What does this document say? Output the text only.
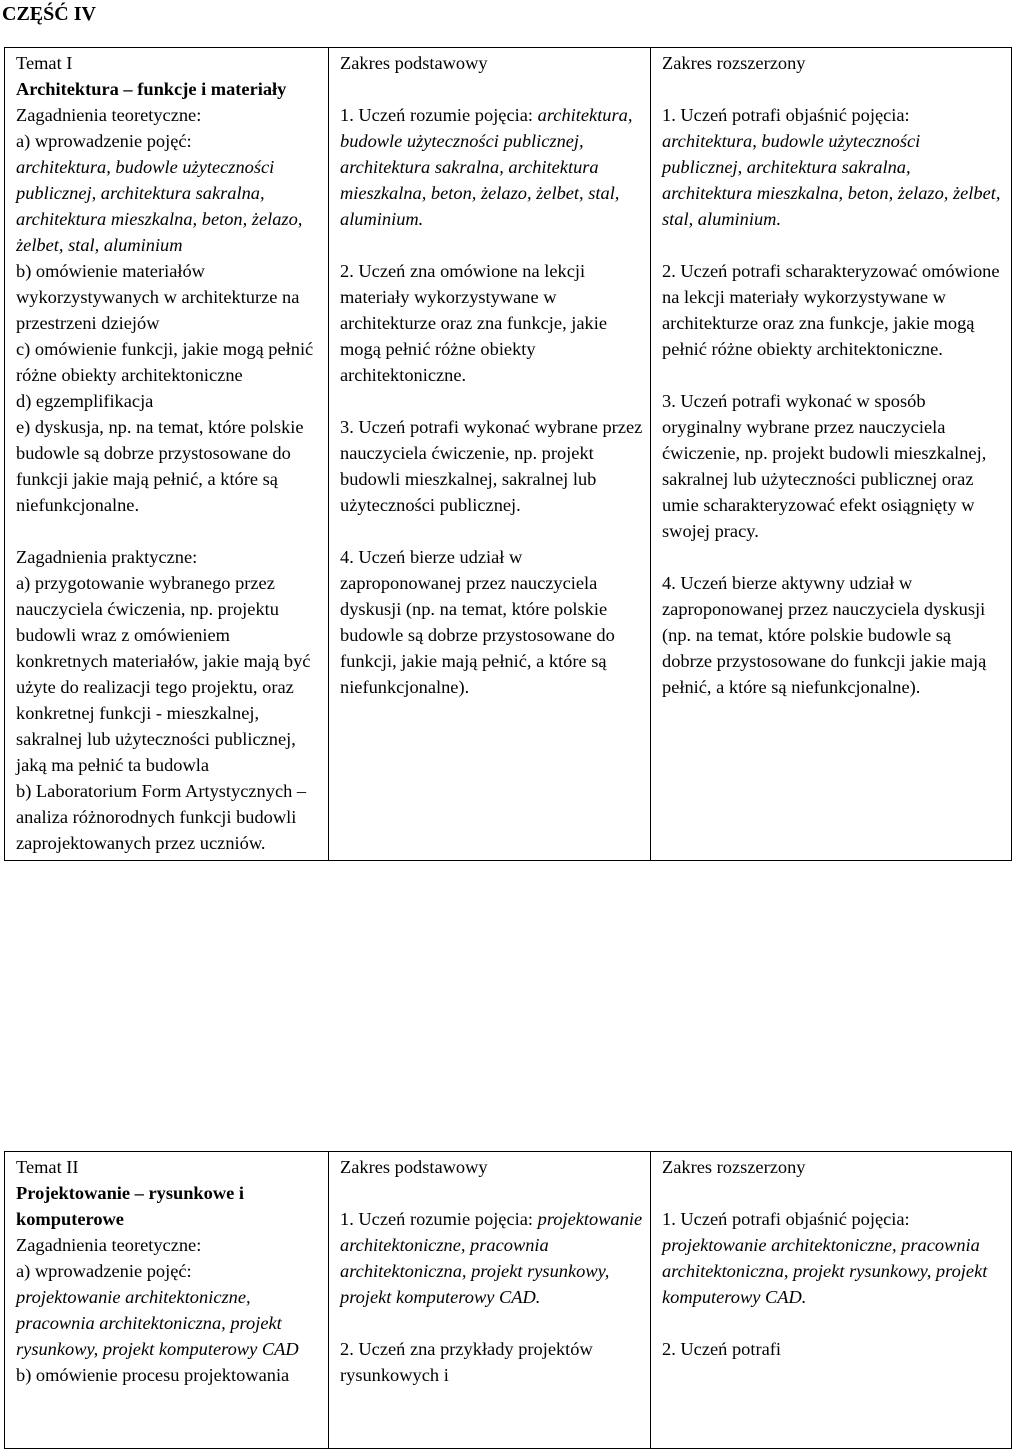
CZĘŚĆ IV
Temat I
Architektura – funkcje i materiały
Zagadnienia teoretyczne:
a) wprowadzenie pojęć:
architektura, budowle użyteczności publicznej, architektura sakralna, architektura mieszkalna, beton, żelazo, żelbet, stal, aluminium
b) omówienie materiałów wykorzystywanych w architekturze na przestrzeni dziejów
c) omówienie funkcji, jakie mogą pełnić różne obiekty architektoniczne
d) egzemplifikacja
e) dyskusja, np. na temat, które polskie budowle są dobrze przystosowane do funkcji jakie mają pełnić, a które są niefunkcjonalne.
Zagadnienia praktyczne:
a) przygotowanie wybranego przez nauczyciela ćwiczenia, np. projektu budowli wraz z omówieniem konkretnych materiałów, jakie mają być użyte do realizacji tego projektu, oraz konkretnej funkcji - mieszkalnej, sakralnej lub użyteczności publicznej, jaką ma pełnić ta budowla
b) Laboratorium Form Artystycznych – analiza różnorodnych funkcji budowli zaprojektowanych przez uczniów.

Zakres podstawowy
1. Uczeń rozumie pojęcia: architektura, budowle użyteczności publicznej, architektura sakralna, architektura mieszkalna, beton, żelazo, żelbet, stal, aluminium.
2. Uczeń zna omówione na lekcji materiały wykorzystywane w architekturze oraz zna funkcje, jakie mogą pełnić różne obiekty architektoniczne.
3. Uczeń potrafi wykonać wybrane przez nauczyciela ćwiczenie, np. projekt budowli mieszkalnej, sakralnej lub użyteczności publicznej.
4. Uczeń bierze udział w zaproponowanej przez nauczyciela dyskusji (np. na temat, które polskie budowle są dobrze przystosowane do funkcji, jakie mają pełnić, a które są niefunkcjonalne).

Zakres rozszerzony
1. Uczeń potrafi objaśnić pojęcia: architektura, budowle użyteczności publicznej, architektura sakralna, architektura mieszkalna, beton, żelazo, żelbet, stal, aluminium.
2. Uczeń potrafi scharakteryzować omówione na lekcji materiały wykorzystywane w architekturze oraz zna funkcje, jakie mogą pełnić różne obiekty architektoniczne.
3. Uczeń potrafi wykonać w sposób oryginalny wybrane przez nauczyciela ćwiczenie, np. projekt budowli mieszkalnej, sakralnej lub użyteczności publicznej oraz umie scharakteryzować efekt osiągnięty w swojej pracy.
4. Uczeń bierze aktywny udział w zaproponowanej przez nauczyciela dyskusji (np. na temat, które polskie budowle są dobrze przystosowane do funkcji jakie mają pełnić, a które są niefunkcjonalne).
Temat II
Projektowanie – rysunkowe i komputerowe
Zagadnienia teoretyczne:
a) wprowadzenie pojęć:
projektowanie architektoniczne, pracownia architektoniczna, projekt rysunkowy, projekt komputerowy CAD
b) omówienie procesu projektowania

Zakres podstawowy
1. Uczeń rozumie pojęcia: projektowanie architektoniczne, pracownia architektoniczna, projekt rysunkowy, projekt komputerowy CAD.
2. Uczeń zna przykłady projektów rysunkowych i

Zakres rozszerzony
1. Uczeń potrafi objaśnić pojęcia: projektowanie architektoniczne, pracownia architektoniczna, projekt rysunkowy, projekt komputerowy CAD.
2. Uczeń potrafi
